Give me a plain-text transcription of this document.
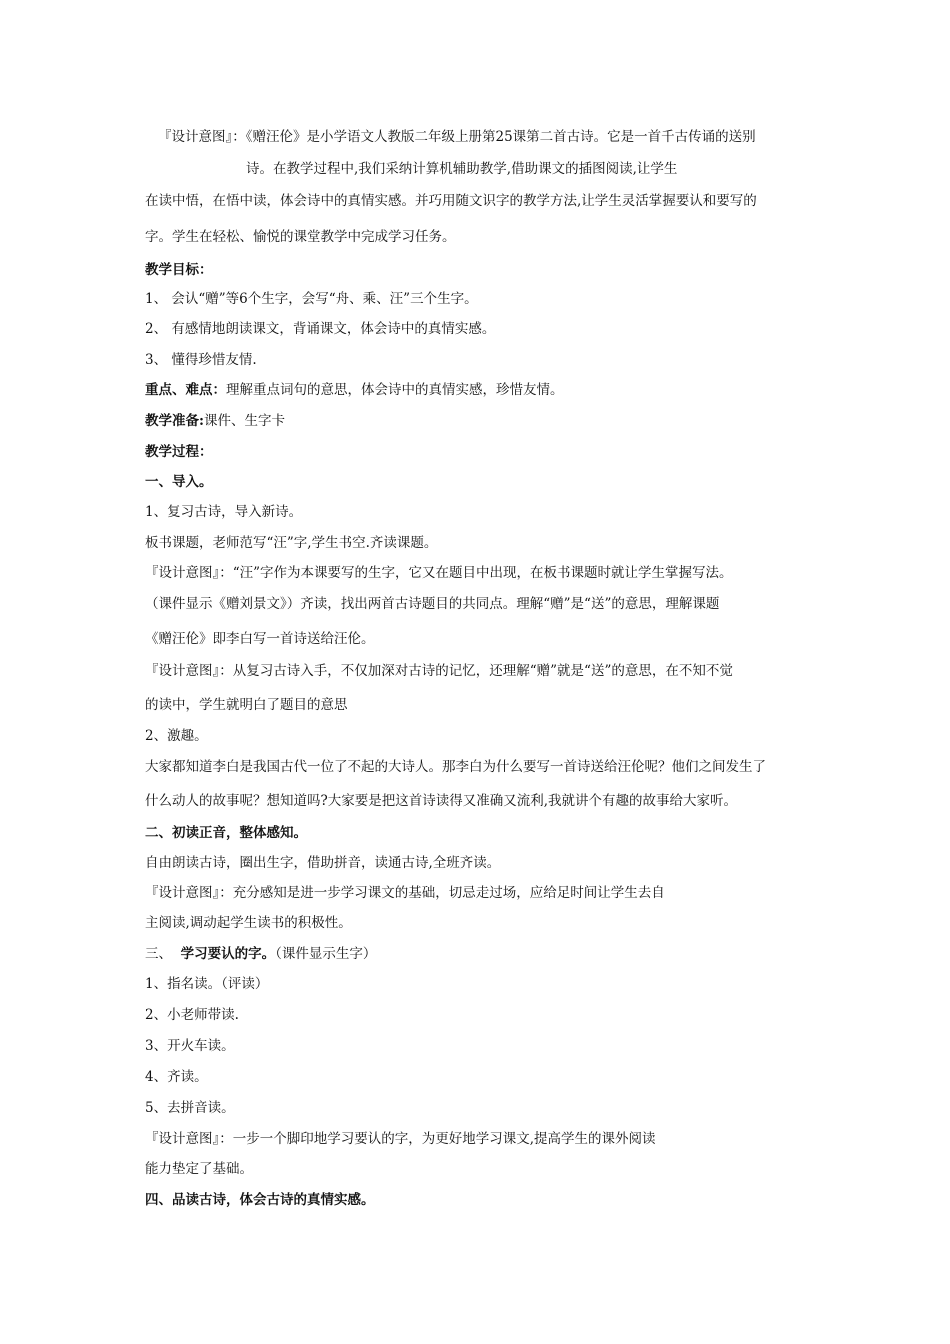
『设计意图』：《赠汪伦》是小学语文人教版二年级上册第25课第二首古诗。它是一首千古传诵的送别
诗。在教学过程中,我们采纳计算机辅助教学,借助课文的插图阅读,让学生
在读中悟，在悟中读，体会诗中的真情实感。并巧用随文识字的教学方法,让学生灵活掌握要认和要写的
字。学生在轻松、愉悦的课堂教学中完成学习任务。
教学目标：
1、 会认“赠”等6个生字，会写“舟、乘、汪”三个生字。
2、 有感情地朗读课文，背诵课文，体会诗中的真情实感。
3、 懂得珍惜友情.
重点、难点：理解重点词句的意思，体会诗中的真情实感，珍惜友情。
教学准备:课件、生字卡
教学过程：
一、导入。
1、复习古诗，导入新诗。
板书课题，老师范写“汪”字,学生书空.齐读课题。
『设计意图』：“汪”字作为本课要写的生字，它又在题目中出现，在板书课题时就让学生掌握写法。
（课件显示《赠刘景文》）齐读，找出两首古诗题目的共同点。理解“赠”是“送”的意思，理解课题
《赠汪伦》即李白写一首诗送给汪伦。
『设计意图』：从复习古诗入手，不仅加深对古诗的记忆，还理解“赠”就是“送”的意思，在不知不觉
的读中，学生就明白了题目的意思
2、激趣。
大家都知道李白是我国古代一位了不起的大诗人。那李白为什么要写一首诗送给汪伦呢？他们之间发生了
什么动人的故事呢？想知道吗?大家要是把这首诗读得又准确又流利,我就讲个有趣的故事给大家听。
二、初读正音，整体感知。
自由朗读古诗，圈出生字，借助拼音，读通古诗,全班齐读。
『设计意图』：充分感知是进一步学习课文的基础，切忌走过场，应给足时间让学生去自
主阅读,调动起学生读书的积极性。
三、  学习要认的字。（课件显示生字）
1、指名读。（评读）
2、小老师带读.
3、开火车读。
4、齐读。
5、去拼音读。
『设计意图』：一步一个脚印地学习要认的字，为更好地学习课文,提高学生的课外阅读
能力垫定了基础。
四、品读古诗，体会古诗的真情实感。
